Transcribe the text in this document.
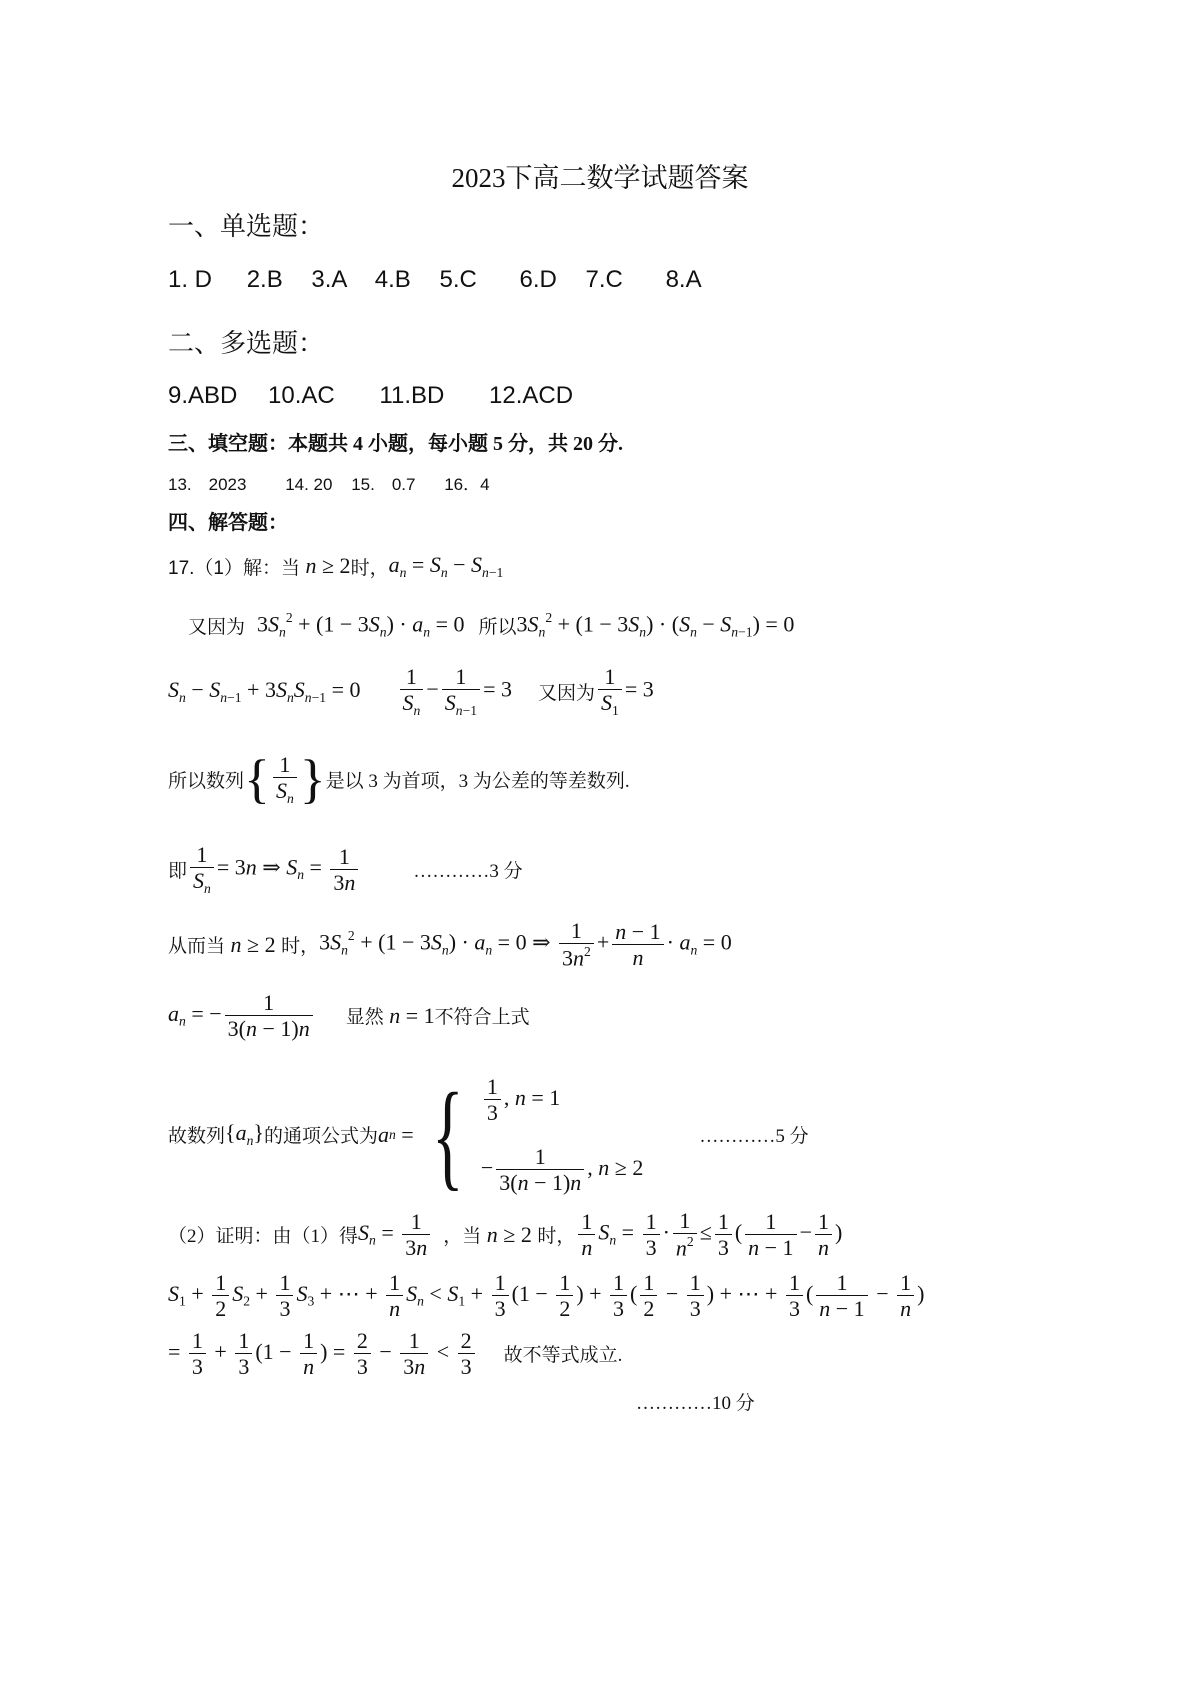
2023下高二数学试题答案
一、单选题：
1. D 2.B 3.A 4.B 5.C 6.D 7.C 8.A
二、多选题：
9.ABD 10.AC 11.BD 12.ACD
三、填空题：本题共 4 小题，每小题 5 分，共 20 分.
13.　2023 14. 20 15.　0.7 16．4
四、解答题：
17.（1）解：当 n ≥ 2 时， $a_n = S_n - S_{n-1}$
又因为 $3S_n^2 + (1 - 3S_n) \cdot a_n = 0$ 所以 $3S_n^2 + (1 - 3S_n) \cdot (S_n - S_{n-1}) = 0$
$S_n - S_{n-1} + 3S_nS_{n-1} = 0 \frac{1}{S_n} - \frac{1}{S_{n-1}} = 3$ 又因为 $\frac{1}{S_1} = 3$
所以数列 { $\frac{1}{S_n}$ } 是以 3 为首项，3 为公差的等差数列.
即 $\frac{1}{S_n} = 3n$ ⇒ $S_n = \frac{1}{3n}$	…………3 分
从而当 n ≥ 2 时， $3S_n^2 + (1 - 3S_n) \cdot a_n = 0$ ⇒ $\frac{1}{3n^2} + \frac{n - 1}{n} \cdot a_n = 0$
$a_n$ = − $\frac{1}{3(n - 1)n}$ 显然 n = 1 不符合上式
故数列 $\{a_n\}$ 的通项公式为 a n = { $\frac{1}{3}$ , n = 1
− $\frac{1}{3(n - 1)n}$ , n ≥ 2
…………5 分
（2）证明：由（1）得 $S_n = \frac{1}{3n}$ ，当 n ≥ 2 时， $\frac{1}{n} S_n = \frac{1}{3} \cdot \frac{1}{n^2} \le \frac{1}{3}$ ( $\frac{1}{n - 1} - \frac{1}{n}$ )
$S_1 + \frac{1}{2} S_2 + \frac{1}{3} S_3$ + ⋯ + $\frac{1}{n} S_n < S_1 + \frac{1}{3} (1 - \frac{1}{2}$ ) + $\frac{1}{3}$ ( $\frac{1}{2} - \frac{1}{3}$ ) + ⋯ + $\frac{1}{3}$ ( $\frac{1}{n - 1} - \frac{1}{n}$ )
= $\frac{1}{3} + \frac{1}{3} (1 - \frac{1}{n}$ ) = $\frac{2}{3} - \frac{1}{3n} < \frac{2}{3}$ 故不等式成立.
…………10 分
